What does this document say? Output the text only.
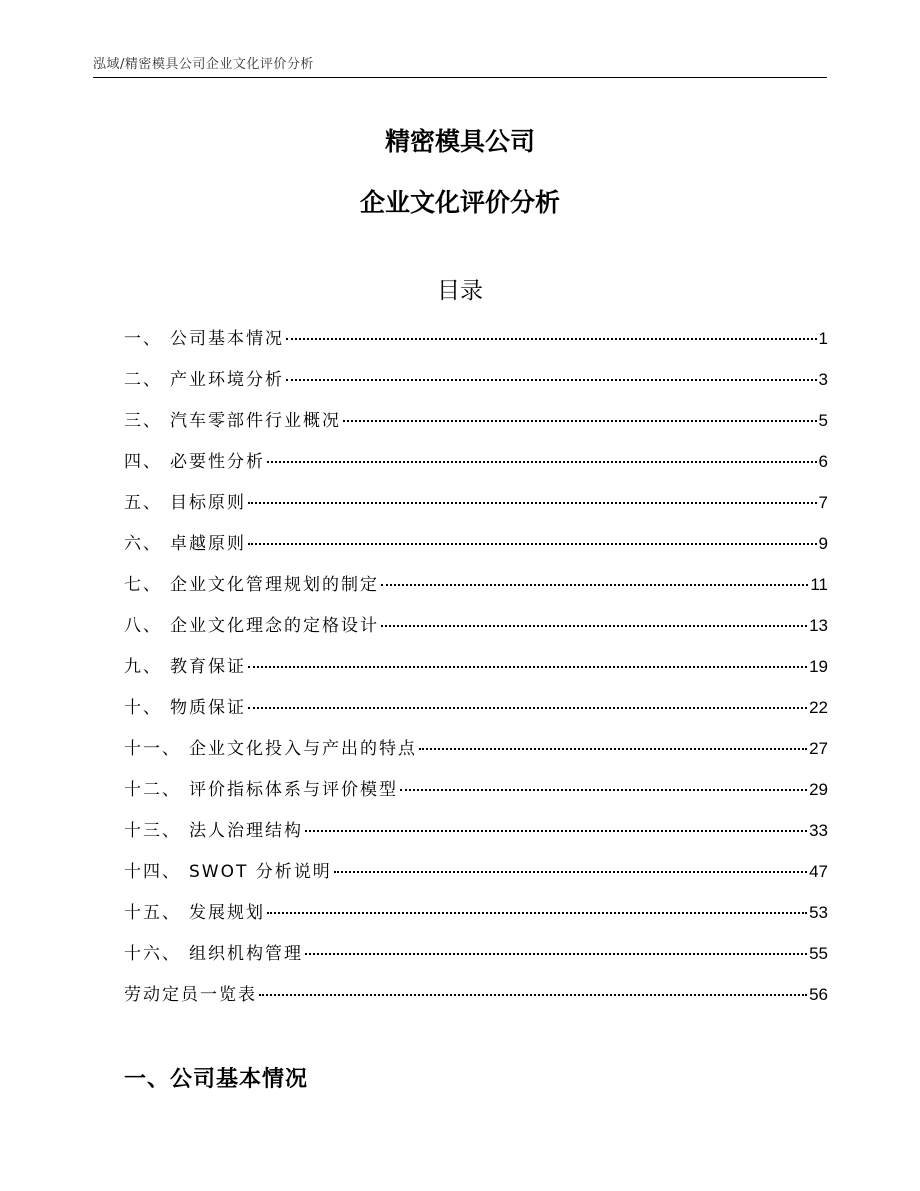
泓域/精密模具公司企业文化评价分析
精密模具公司
企业文化评价分析
目录
一、 公司基本情况	1
二、 产业环境分析	3
三、 汽车零部件行业概况	5
四、 必要性分析	6
五、 目标原则	7
六、 卓越原则	9
七、 企业文化管理规划的制定	11
八、 企业文化理念的定格设计	13
九、 教育保证	19
十、 物质保证	22
十一、 企业文化投入与产出的特点	27
十二、 评价指标体系与评价模型	29
十三、 法人治理结构	33
十四、 SWOT 分析说明	47
十五、 发展规划	53
十六、 组织机构管理	55
劳动定员一览表	56
一、公司基本情况
